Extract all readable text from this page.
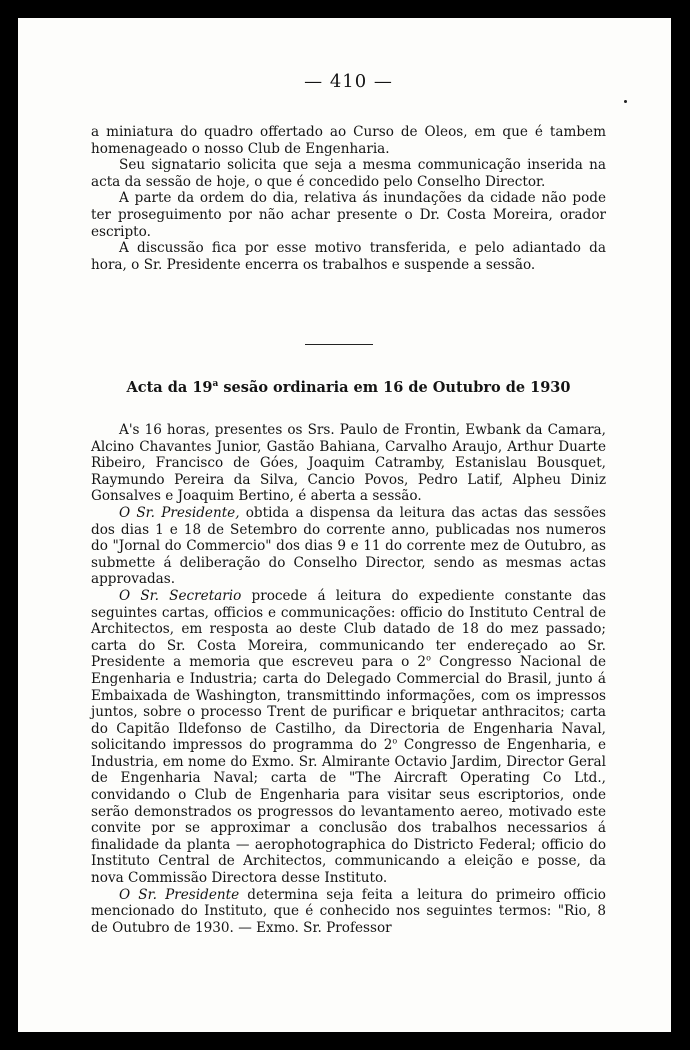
— 410 —

a miniatura do quadro offertado ao Curso de Oleos, em que é tambem homenageado o nosso Club de Engenharia.

Seu signatario solicita que seja a mesma communicação inserida na acta da sessão de hoje, o que é concedido pelo Conselho Director.

A parte da ordem do dia, relativa ás inundações da cidade não pode ter proseguimento por não achar presente o Dr. Costa Moreira, orador escripto.

A discussão fica por esse motivo transferida, e pelo adiantado da hora, o Sr. Presidente encerra os trabalhos e suspende a sessão.

Acta da 19$^a$ sesão ordinaria em 16 de Outubro de 1930

A's 16 horas, presentes os Srs. Paulo de Frontin, Ewbank da Camara, Alcino Chavantes Junior, Gastão Bahiana, Carvalho Araujo, Arthur Duarte Ribeiro, Francisco de Góes, Joaquim Catramby, Estanislau Bousquet, Raymundo Pereira da Silva, Cancio Povos, Pedro Latif, Alpheu Diniz Gonsalves e Joaquim Bertino, é aberta a sessão.

O Sr. Presidente, obtida a dispensa da leitura das actas das sessões dos dias 1 e 18 de Setembro do corrente anno, publicadas nos numeros do "Jornal do Commercio" dos dias 9 e 11 do corrente mez de Outubro, as submette á deliberação do Conselho Director, sendo as mesmas actas approvadas.

O Sr. Secretario procede á leitura do expediente constante das seguintes cartas, officios e communicações: officio do Instituto Central de Architectos, em resposta ao deste Club datado de 18 do mez passado; carta do Sr. Costa Moreira, communicando ter endereçado ao Sr. Presidente a memoria que escreveu para o 2$^o$ Congresso Nacional de Engenharia e Industria; carta do Delegado Commercial do Brasil, junto á Embaixada de Washington, transmittindo informações, com os impressos juntos, sobre o processo Trent de purificar e briquetar anthracitos; carta do Capitão Ildefonso de Castilho, da Directoria de Engenharia Naval, solicitando impressos do programma do 2$^o$ Congresso de Engenharia, e Industria, em nome do Exmo. Sr. Almirante Octavio Jardim, Director Geral de Engenharia Naval; carta de "The Aircraft Operating Co Ltd., convidando o Club de Engenharia para visitar seus escriptorios, onde serão demonstrados os progressos do levantamento aereo, motivado este convite por se approximar a conclusão dos trabalhos necessarios á finalidade da planta — aerophotographica do Districto Federal; officio do Instituto Central de Architectos, communicando a eleição e posse, da nova Commissão Directora desse Instituto.

O Sr. Presidente determina seja feita a leitura do primeiro officio mencionado do Instituto, que é conhecido nos seguintes termos: "Rio, 8 de Outubro de 1930. — Exmo. Sr. Professor
